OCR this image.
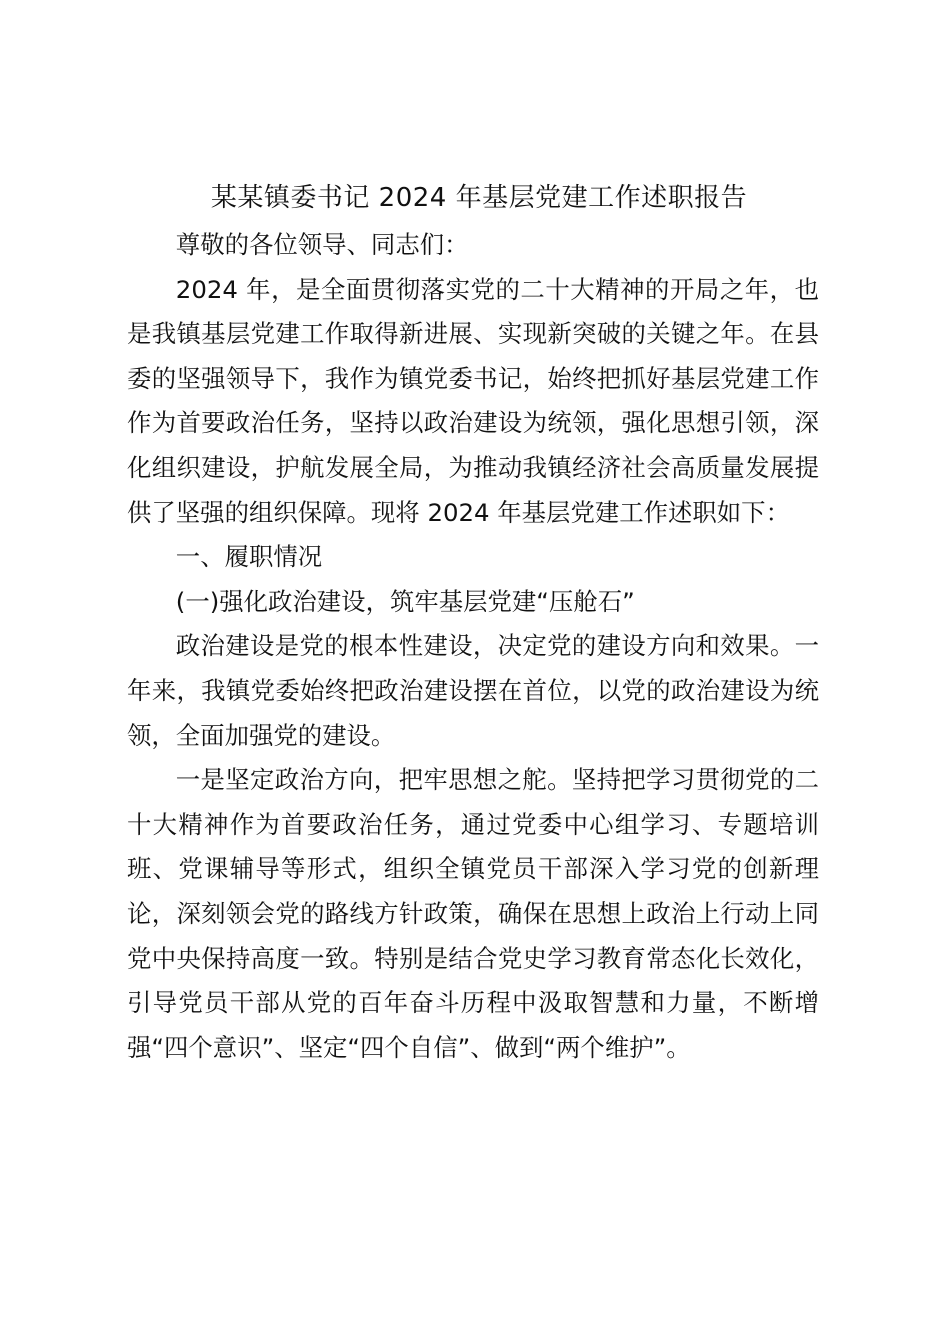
某某镇委书记 2024 年基层党建工作述职报告

尊敬的各位领导、同志们：

2024 年，是全面贯彻落实党的二十大精神的开局之年，也是我镇基层党建工作取得新进展、实现新突破的关键之年。在县委的坚强领导下，我作为镇党委书记，始终把抓好基层党建工作作为首要政治任务，坚持以政治建设为统领，强化思想引领，深化组织建设，护航发展全局，为推动我镇经济社会高质量发展提供了坚强的组织保障。现将 2024 年基层党建工作述职如下：

一、履职情况

(一)强化政治建设，筑牢基层党建“压舱石”

政治建设是党的根本性建设，决定党的建设方向和效果。一年来，我镇党委始终把政治建设摆在首位，以党的政治建设为统领，全面加强党的建设。

一是坚定政治方向，把牢思想之舵。坚持把学习贯彻党的二十大精神作为首要政治任务，通过党委中心组学习、专题培训班、党课辅导等形式，组织全镇党员干部深入学习党的创新理论，深刻领会党的路线方针政策，确保在思想上政治上行动上同党中央保持高度一致。特别是结合党史学习教育常态化长效化，引导党员干部从党的百年奋斗历程中汲取智慧和力量，不断增强“四个意识”、坚定“四个自信”、做到“两个维护”。
